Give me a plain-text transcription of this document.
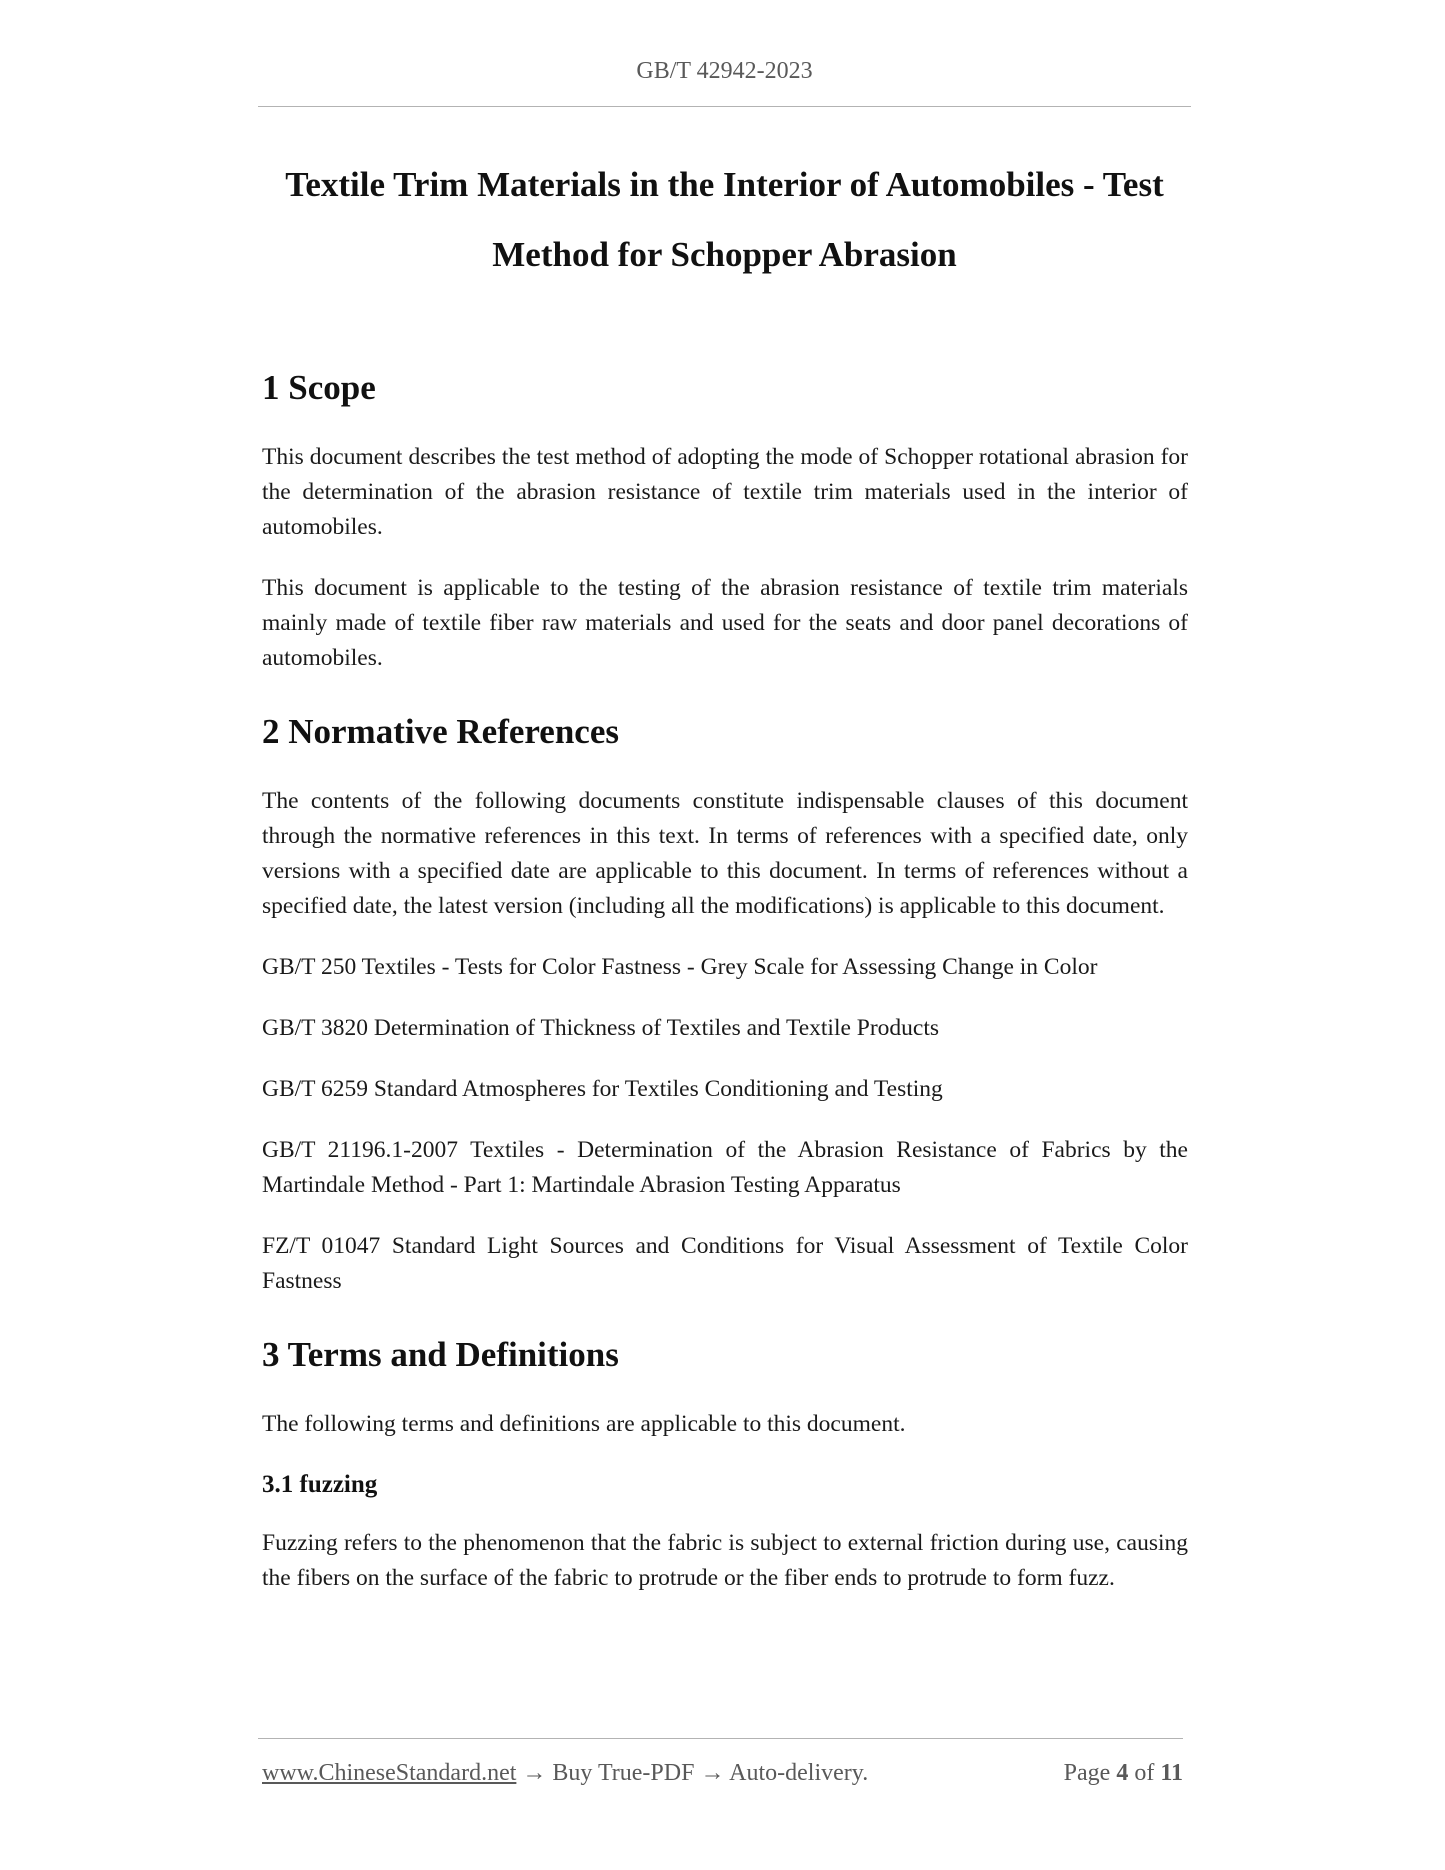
GB/T 42942-2023
Textile Trim Materials in the Interior of Automobiles - Test
Method for Schopper Abrasion
1 Scope

This document describes the test method of adopting the mode of Schopper rotational abrasion for the determination of the abrasion resistance of textile trim materials used in the interior of automobiles.

This document is applicable to the testing of the abrasion resistance of textile trim materials mainly made of textile fiber raw materials and used for the seats and door panel decorations of automobiles.

2 Normative References

The contents of the following documents constitute indispensable clauses of this document through the normative references in this text. In terms of references with a specified date, only versions with a specified date are applicable to this document. In terms of references without a specified date, the latest version (including all the modifications) is applicable to this document.

GB/T 250 Textiles - Tests for Color Fastness - Grey Scale for Assessing Change in Color

GB/T 3820 Determination of Thickness of Textiles and Textile Products

GB/T 6259 Standard Atmospheres for Textiles Conditioning and Testing

GB/T 21196.1-2007 Textiles - Determination of the Abrasion Resistance of Fabrics by the Martindale Method - Part 1: Martindale Abrasion Testing Apparatus

FZ/T 01047 Standard Light Sources and Conditions for Visual Assessment of Textile Color Fastness

3 Terms and Definitions

The following terms and definitions are applicable to this document.

3.1 fuzzing

Fuzzing refers to the phenomenon that the fabric is subject to external friction during use, causing the fibers on the surface of the fabric to protrude or the fiber ends to protrude to form fuzz.

www.ChineseStandard.net → Buy True-PDF → Auto-delivery.	Page 4 of 11
